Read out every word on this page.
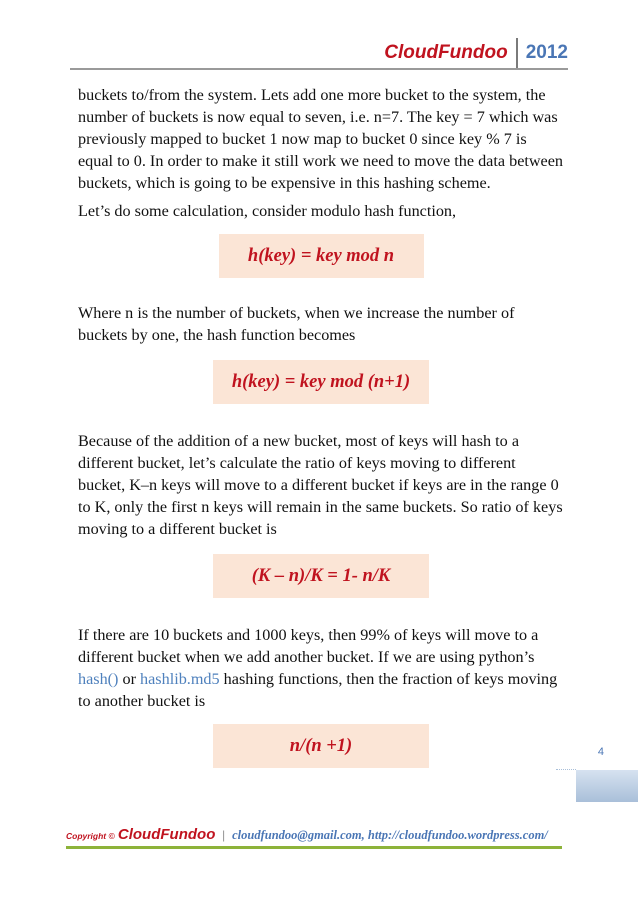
CloudFundoo 2012

buckets to/from the system. Lets add one more bucket to the system, the number of buckets is now equal to seven, i.e. n=7. The key = 7 which was previously mapped to bucket 1 now map to bucket 0 since key % 7 is equal to 0. In order to make it still work we need to move the data between buckets, which is going to be expensive in this hashing scheme.

Let’s do some calculation, consider modulo hash function,

h(key) = key mod n

Where n is the number of buckets, when we increase the number of buckets by one, the hash function becomes

h(key) = key mod (n+1)

Because of the addition of a new bucket, most of keys will hash to a different bucket, let’s calculate the ratio of keys moving to different bucket, K–n keys will move to a different bucket if keys are in the range 0 to K, only the first n keys will remain in the same buckets. So ratio of keys moving to a different bucket is

(K – n)/K = 1- n/K

If there are 10 buckets and 1000 keys, then 99% of keys will move to a different bucket when we add another bucket. If we are using python’s hash() or hashlib.md5 hashing functions, then the fraction of keys moving to another bucket is

n/(n +1)	4
Copyright © CloudFundoo | cloudfundoo@gmail.com, http://cloudfundoo.wordpress.com/
